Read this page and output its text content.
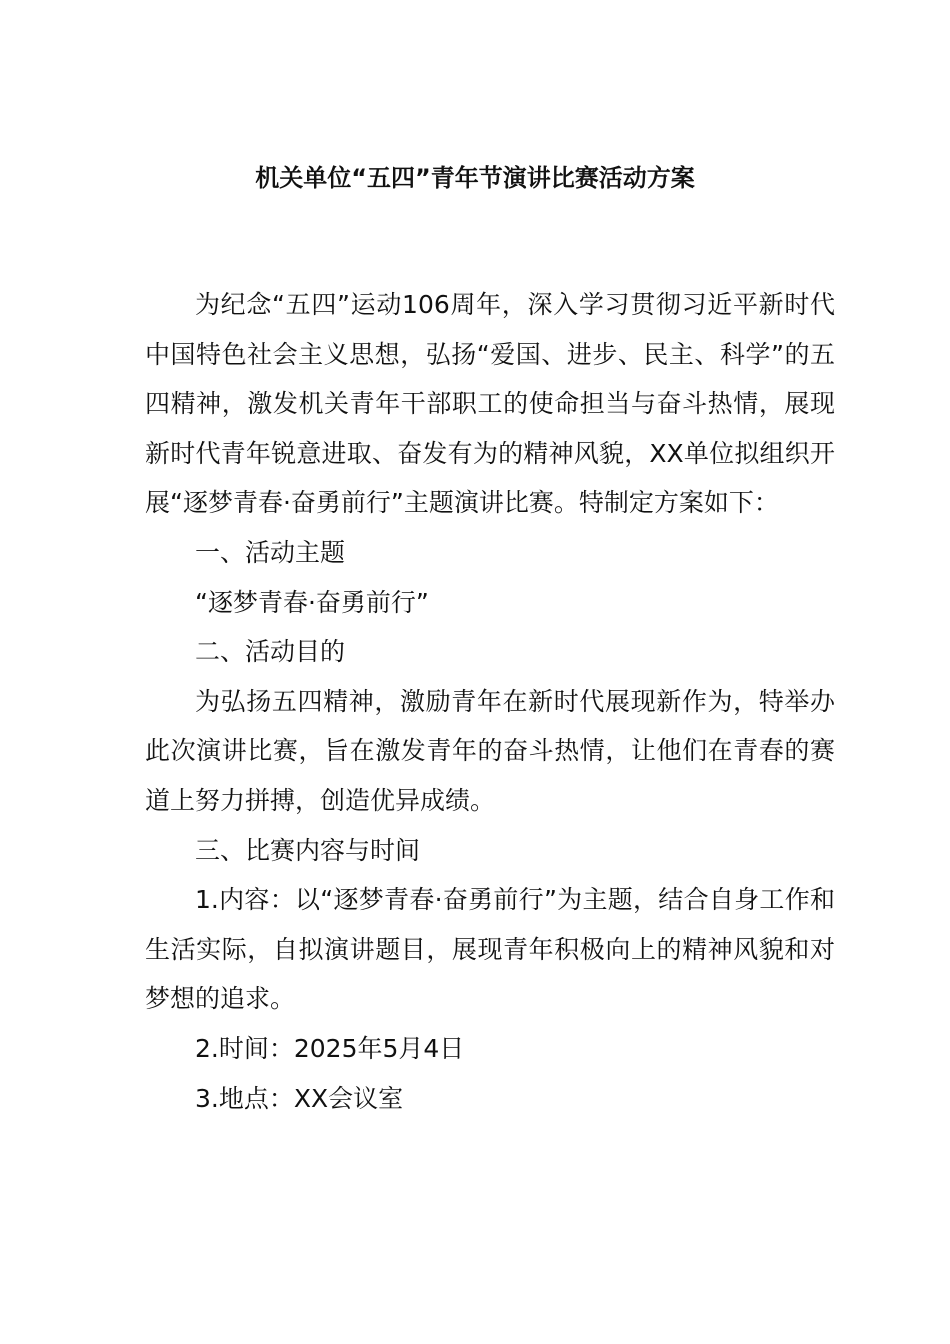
机关单位“五四”青年节演讲比赛活动方案

为纪念“五四”运动106周年，深入学习贯彻习近平新时代中国特色社会主义思想，弘扬“爱国、进步、民主、科学”的五四精神，激发机关青年干部职工的使命担当与奋斗热情，展现新时代青年锐意进取、奋发有为的精神风貌，XX单位拟组织开展“逐梦青春·奋勇前行”主题演讲比赛。特制定方案如下：

一、活动主题

“逐梦青春·奋勇前行”

二、活动目的

为弘扬五四精神，激励青年在新时代展现新作为，特举办此次演讲比赛，旨在激发青年的奋斗热情，让他们在青春的赛道上努力拼搏，创造优异成绩。

三、比赛内容与时间

1.内容：以“逐梦青春·奋勇前行”为主题，结合自身工作和生活实际，自拟演讲题目，展现青年积极向上的精神风貌和对梦想的追求。

2.时间：2025年5月4日

3.地点：XX会议室
